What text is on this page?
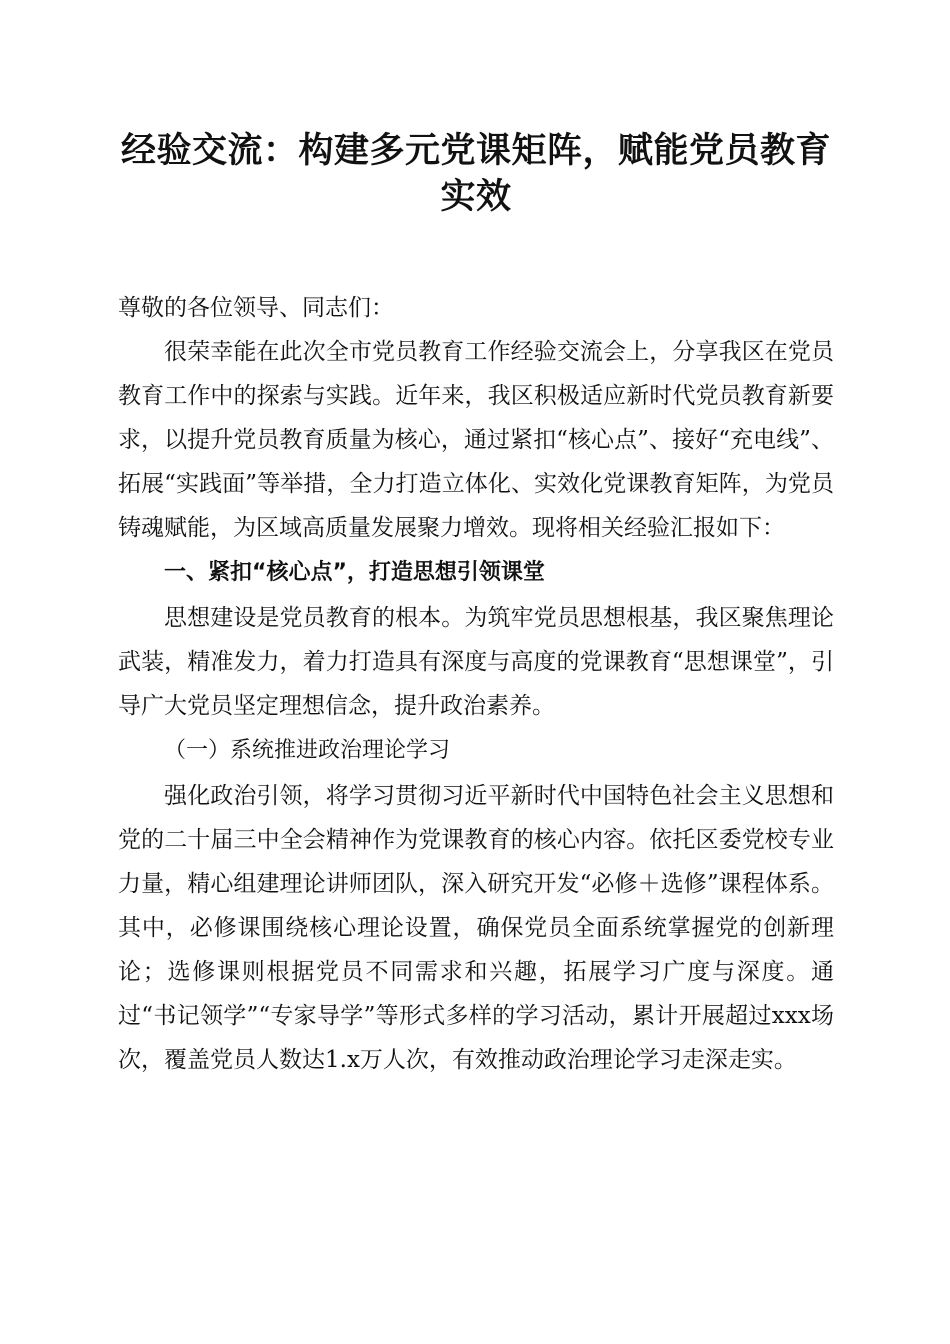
经验交流：构建多元党课矩阵，赋能党员教育
实效

尊敬的各位领导、同志们：

很荣幸能在此次全市党员教育工作经验交流会上，分享我区在党员教育工作中的探索与实践。近年来，我区积极适应新时代党员教育新要求，以提升党员教育质量为核心，通过紧扣“核心点”、接好“充电线”、拓展“实践面”等举措，全力打造立体化、实效化党课教育矩阵，为党员铸魂赋能，为区域高质量发展聚力增效。现将相关经验汇报如下：

一、紧扣“核心点”，打造思想引领课堂

思想建设是党员教育的根本。为筑牢党员思想根基，我区聚焦理论武装，精准发力，着力打造具有深度与高度的党课教育“思想课堂”，引导广大党员坚定理想信念，提升政治素养。

（一）系统推进政治理论学习

强化政治引领，将学习贯彻习近平新时代中国特色社会主义思想和党的二十届三中全会精神作为党课教育的核心内容。依托区委党校专业力量，精心组建理论讲师团队，深入研究开发“必修＋选修”课程体系。其中，必修课围绕核心理论设置，确保党员全面系统掌握党的创新理论；选修课则根据党员不同需求和兴趣，拓展学习广度与深度。通过“书记领学”“专家导学”等形式多样的学习活动，累计开展超过xxx场次，覆盖党员人数达1.x万人次，有效推动政治理论学习走深走实。
